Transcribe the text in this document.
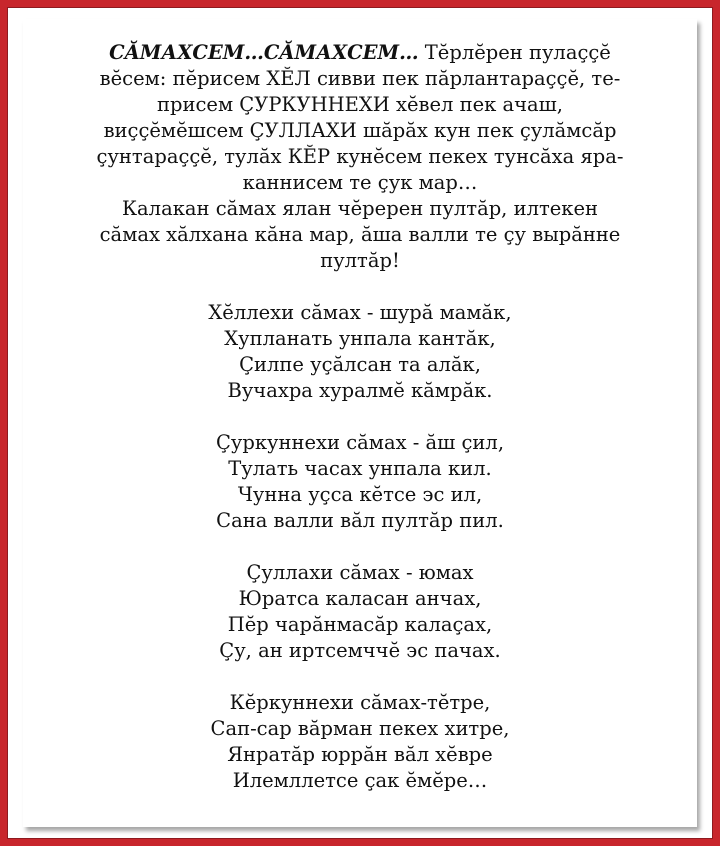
СĂМАХСЕМ…СĂМАХСЕМ… Тĕрлĕрен пулаççĕ
вĕсем: пĕрисем ХĔЛ сивви пек пăрлантараççĕ, те-
присем ÇУРКУННЕХИ хĕвел пек ачаш,
виççĕмĕшсем ÇУЛЛАХИ шăрăх кун пек çулăмсăр
çунтараççĕ, тулăх КĔР кунĕсем пекех тунсăха яра-
каннисем те çук мар…
Калакан сăмах ялан чĕререн пултăр, илтекен
сăмах хăлхана кăна мар, ăша валли те çу вырăнне
пултăр!
Хĕллехи сăмах - шурă мамăк,
Хупланать унпала кантăк,
Çилпе уçăлсан та алăк,
Вучахра хуралмĕ кăмрăк.
Çуркуннехи сăмах - ăш çил,
Тулать часах унпала кил.
Чунна уçса кĕтсе эс ил,
Сана валли вăл пултăр пил.
Çуллахи сăмах - юмах
Юратса каласан анчах,
Пĕр чарăнмасăр калаçах,
Çу, ан иртсемччĕ эс пачах.
Кĕркуннехи сăмах-тĕтре,
Сап-сар вăрман пекех хитре,
Янратăр юррăн вăл хĕвре
Илемллетсе çак ĕмĕре…
